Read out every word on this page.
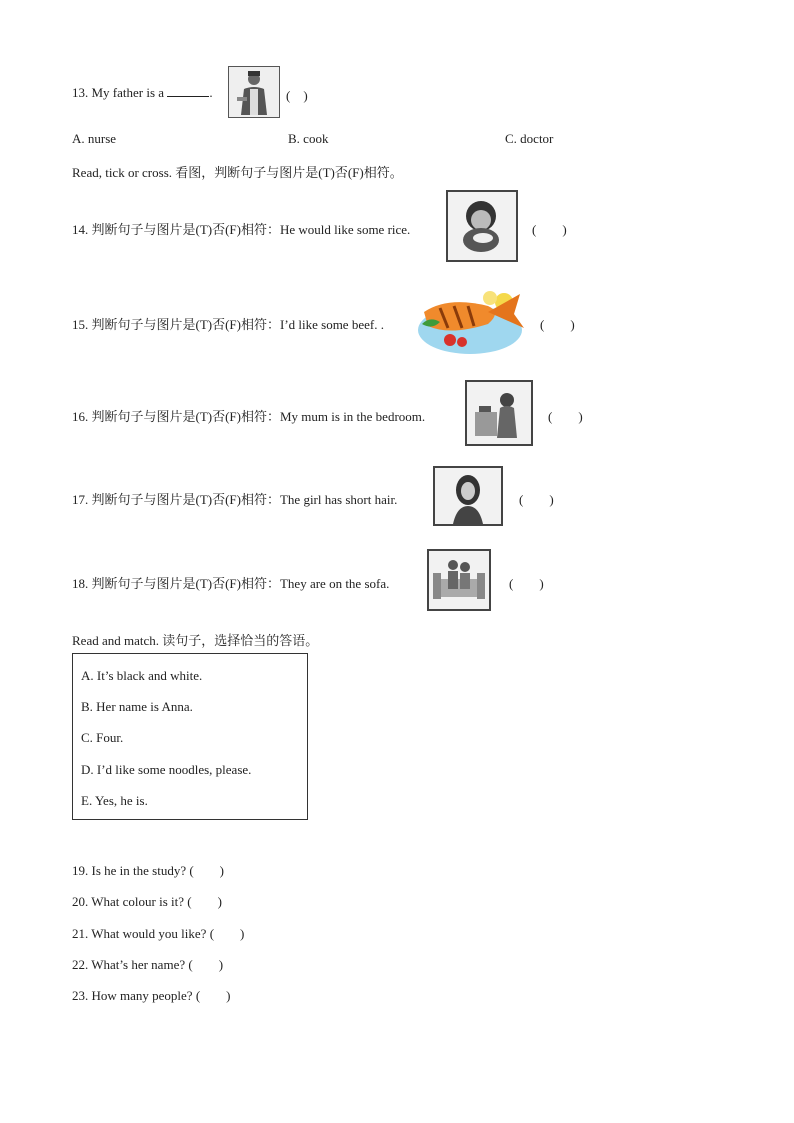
13. My father is a	.	(　)
A. nurse	B. cook	C. doctor
Read, tick or cross. 看图，判断句子与图片是(T)否(F)相符。
14. 判断句子与图片是(T)否(F)相符：He would like some rice.	(　　)
15. 判断句子与图片是(T)否(F)相符：I’d like some beef. .	(　　)
16. 判断句子与图片是(T)否(F)相符：My mum is in the bedroom.	(　　)
17. 判断句子与图片是(T)否(F)相符：The girl has short hair.	(　　)
18. 判断句子与图片是(T)否(F)相符：They are on the sofa.	(　　)
Read and match. 读句子，选择恰当的答语。
A. It’s black and white.
B. Her name is Anna.
C. Four.
D. I’d like some noodles, please.
E. Yes, he is.
19. Is he in the study? (　　)
20. What colour is it? (　　)
21. What would you like? (　　)
22. What’s her name? (　　)
23. How many people? (　　)
